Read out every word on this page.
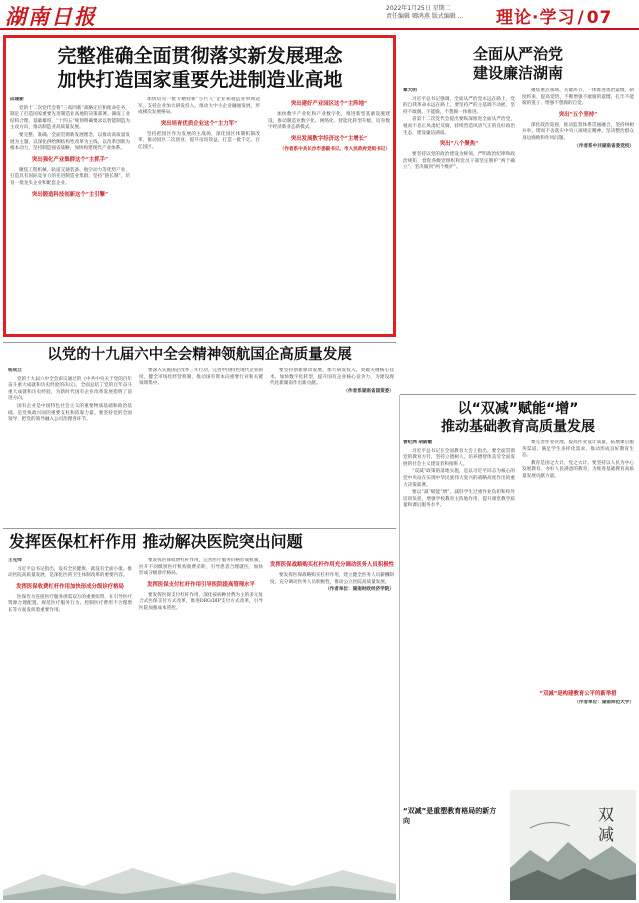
湖南日报	2022年1月25日 星期二
责任编辑 卿鸿燕 版式编辑 ...	理论·学习 / 07
完整准确全面贯彻落实新发展理念
加快打造国家重要先进制造业高地
邱建新

党的十二次党代会将“三高四新”战略定位和使命任务，制定了打造国家重要先进制造业高地的决策部署。湖南工业结构合理、基础雄厚，“十四五”规划明确要求以智能制造为主攻方向，推动制造业高质量发展。

要完整、准确、全面贯彻新发展理念，以推动高质量发展为主题，以深化供给侧结构性改革为主线，以改革创新为根本动力，坚持制造强省战略，加快构建现代产业体系。

突出强化产业集群这个“主抓手”

聚焦工程机械、轨道交通装备、航空动力等优势产业，打造具有国际竞争力的先进制造业集群，坚持“链长制”，培育一批龙头企业和配套企业。

突出锻造科技创新这个“主引擎”

加快培育一批专精特新“小巨人”企业和制造业单项冠军，支持企业加大研发投入，推动大中小企业融通发展，形成梯次发展格局。

突出培育优质企业这个“主力军”

坚持把园区作为发展的主战场，深化园区体制机制改革，推动园区二次创业，提升亩均效益，打造一批千亿、百亿园区。

突出建好产业园区这个“主阵地”

加快数字产业化和产业数字化，推进新型基础设施建设，推动制造业数字化、网络化、智能化转型升级，培育数字经济新业态新模式。

突出发展数字经济这个“主增长”
（作者系中共长沙市委副书记、市人民政府党组书记）
全面从严治党
建设廉洁湖南
覃大明

习近平总书记强调，全面从严治党永远在路上，党的自我革命永远在路上。要坚持严的主基调不动摇，坚持不敢腐、不能腐、不想腐一体推进。

省第十二次党代会提出要纵深推进全面从严治党，驰而不息正风肃纪反腐，持续营造风清气正的良好政治生态，建设廉洁湖南。

突出“八个聚焦”

要坚持以党的政治建设为统领，严明政治纪律和政治规矩，督促各级党组织和党员干部坚定拥护“两个确立”、坚决做到“两个维护”。

聚焦重点领域、关键环节，一体推进惩治震慑、制度约束、提高觉悟，不断增强不敢腐的震慑、扎牢不能腐的笼子、增强不想腐的自觉。

突出“五个坚持”

深化政治巡视，推动监督体系贯通融合，坚持纠树并举，锲而不舍落实中央八项规定精神，坚决整治群众身边腐败和作风问题。

（作者系中共湖南省委党校）
以党的十九届六中全会精神领航国企高质量发展
杨成立

党的十九届六中全会审议通过的《中共中央关于党的百年奋斗重大成就和历史经验的决议》，全面总结了党的百年奋斗重大成就和历史经验，为新时代国有企业改革发展指明了前进方向。

国有企业是中国特色社会主义的重要物质基础和政治基础，是党执政兴国的重要支柱和依靠力量。要坚持党的全面领导，把党的领导融入公司治理各环节。

要深入实施国企改革三年行动，完善中国特色现代企业制度，健全市场化经营机制，推动国有资本向重要行业和关键领域集中。

要坚持创新驱动发展，加大研发投入，突破关键核心技术，加快数字化转型，提升国有企业核心竞争力，为建设现代化新湖南作出新贡献。

（作者系湖南省国资委）
发挥医保杠杆作用 推动解决医院突出问题
王克师

习近平总书记指出，没有全民健康，就没有全面小康。推动医院高质量发展，是深化医药卫生体制改革的重要内容。

发挥医保收费杠杆作用加快形成分级诊疗格局

医保作为连接医疗服务供需双方的重要纽带，在引导医疗资源合理配置、规范医疗服务行为、控制医疗费用不合理增长等方面发挥着重要作用。

要发挥医保收费杠杆作用，完善医疗服务价格形成机制，拉开不同级别医疗机构收费差距，引导患者合理就医，加快形成分级诊疗格局。

发挥医保支付杠杆作用引导医院提高管理水平

要发挥医保支付杠杆作用，深化按病种付费为主的多元复合式医保支付方式改革，推进DRG/DIP支付方式改革，引导医院加强成本管控。

发挥医保战略购买杠杆作用充分调动医务人员积极性

要发挥医保战略购买杠杆作用，建立健全医务人员薪酬制度，充分调动医务人员积极性，推动公立医院高质量发展。

（作者单位：湖南财政经济学院）
以“双减”赋能“增”
推动基础教育高质量发展
曾纪洲 胡蔚敏

习近平总书记在全国教育大会上指出，要全面贯彻党的教育方针，坚持立德树人，培养德智体美劳全面发展的社会主义建设者和接班人。

“双减”政策的落地实施，是以习近平同志为核心的党中央站在实现中华民族伟大复兴的战略高度作出的重大决策部署。

要以“减”赋能“增”，减轻学生过重作业负担和校外培训负担，增强学校教育主阵地作用，提升课堂教学质量和课后服务水平。

要完善作业管理，提高作业设计质量，拓展课后服务渠道，满足学生多样化需求，推动形成良好教育生态。

教育是国之大计、党之大计。要坚持以人民为中心发展教育，办好人民满意的教育，为推进基础教育高质量发展贡献力量。

“双减”是构建教育公平的新举措
（作者单位：湖南师范大学）
“双减”是重塑教育格局的新方向	双
减
